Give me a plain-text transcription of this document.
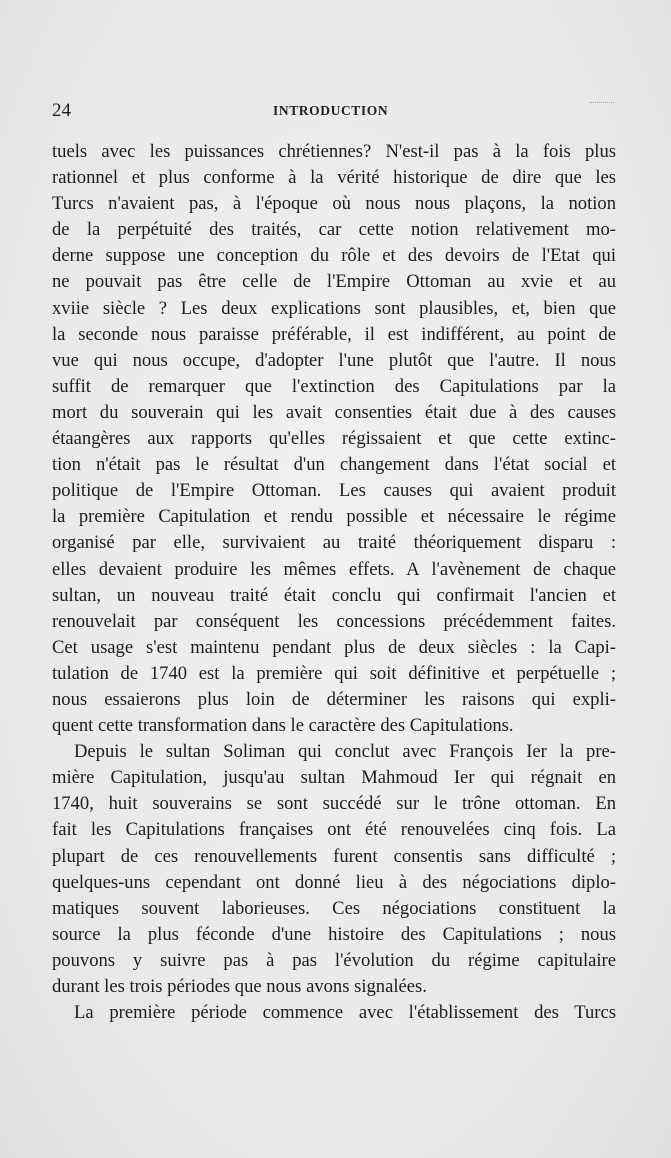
24	INTRODUCTION
tuels avec les puissances chrétiennes? N'est-il pas à la fois plus
rationnel et plus conforme à la vérité historique de dire que les
Turcs n'avaient pas, à l'époque où nous nous plaçons, la notion
de la perpétuité des traités, car cette notion relativement mo-
derne suppose une conception du rôle et des devoirs de l'Etat qui
ne pouvait pas être celle de l'Empire Ottoman au xvie et au
xviie siècle ? Les deux explications sont plausibles, et, bien que
la seconde nous paraisse préférable, il est indifférent, au point de
vue qui nous occupe, d'adopter l'une plutôt que l'autre. Il nous
suffit de remarquer que l'extinction des Capitulations par la
mort du souverain qui les avait consenties était due à des causes
étaangères aux rapports qu'elles régissaient et que cette extinc-
tion n'était pas le résultat d'un changement dans l'état social et
politique de l'Empire Ottoman. Les causes qui avaient produit
la première Capitulation et rendu possible et nécessaire le régime
organisé par elle, survivaient au traité théoriquement disparu :
elles devaient produire les mêmes effets. A l'avènement de chaque
sultan, un nouveau traité était conclu qui confirmait l'ancien et
renouvelait par conséquent les concessions précédemment faites.
Cet usage s'est maintenu pendant plus de deux siècles : la Capi-
tulation de 1740 est la première qui soit définitive et perpétuelle ;
nous essaierons plus loin de déterminer les raisons qui expli-
quent cette transformation dans le caractère des Capitulations.
Depuis le sultan Soliman qui conclut avec François Ier la pre-
mière Capitulation, jusqu'au sultan Mahmoud Ier qui régnait en
1740, huit souverains se sont succédé sur le trône ottoman. En
fait les Capitulations françaises ont été renouvelées cinq fois. La
plupart de ces renouvellements furent consentis sans difficulté ;
quelques-uns cependant ont donné lieu à des négociations diplo-
matiques souvent laborieuses. Ces négociations constituent la
source la plus féconde d'une histoire des Capitulations ; nous
pouvons y suivre pas à pas l'évolution du régime capitulaire
durant les trois périodes que nous avons signalées.
La première période commence avec l'établissement des Turcs
